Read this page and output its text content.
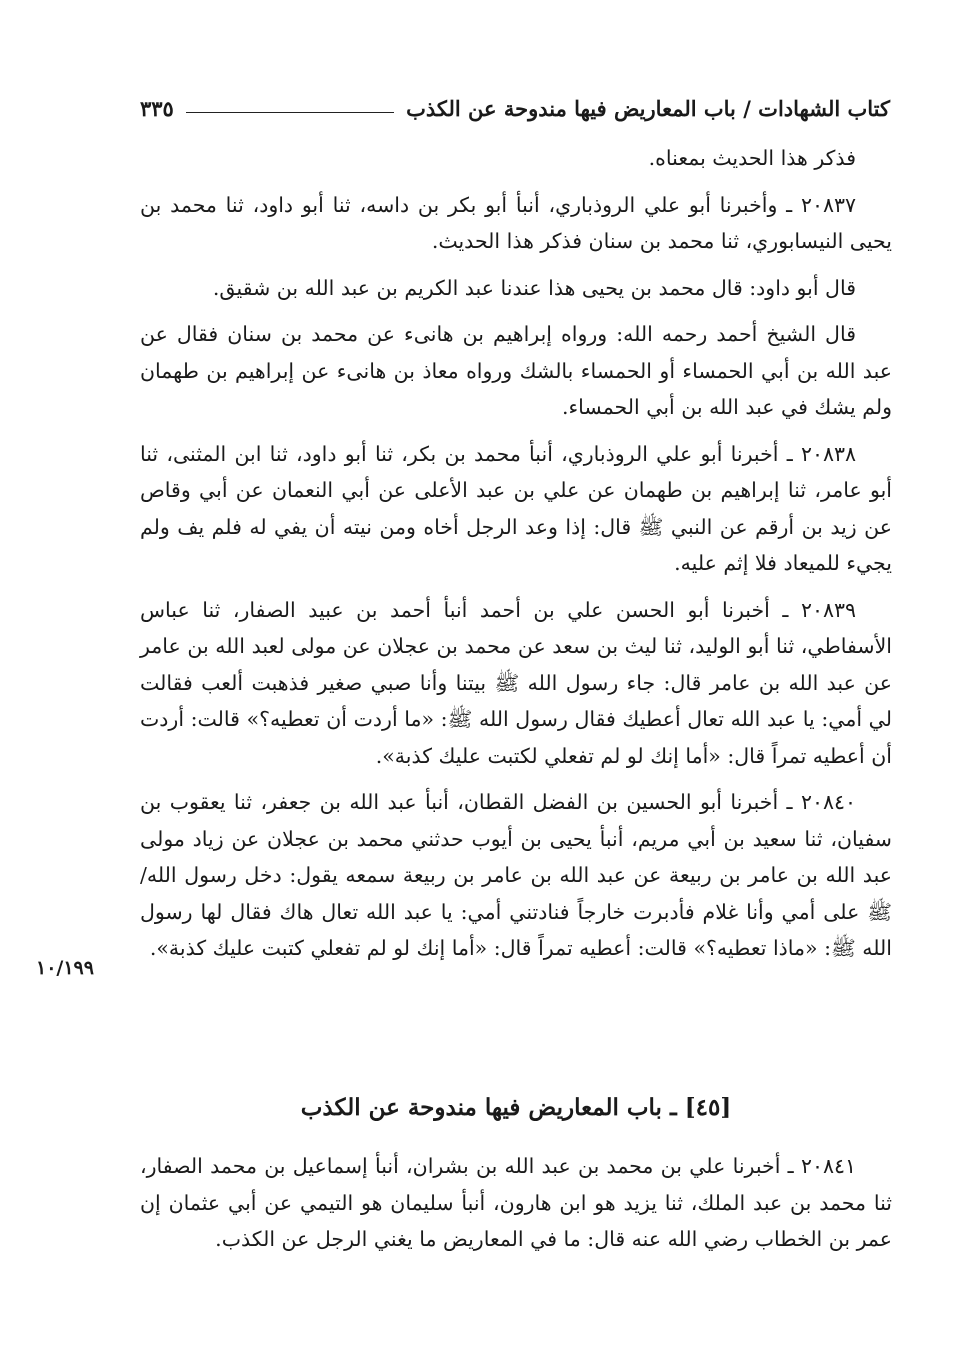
كتاب الشهادات / باب المعاريض فيها مندوحة عن الكذب
٣٣٥

فذكر هذا الحديث بمعناه.

٢٠٨٣٧ ـ وأخبرنا أبو علي الروذباري، أنبأ أبو بكر بن داسه، ثنا أبو داود، ثنا محمد بن يحيى النيسابوري، ثنا محمد بن سنان فذكر هذا الحديث.

قال أبو داود: قال محمد بن يحيى هذا عندنا عبد الكريم بن عبد الله بن شقيق.

قال الشيخ أحمد رحمه الله: ورواه إبراهيم بن هانىء عن محمد بن سنان فقال عن عبد الله بن أبي الحمساء أو الحمساء بالشك ورواه معاذ بن هانىء عن إبراهيم بن طهمان ولم يشك في عبد الله بن أبي الحمساء.

٢٠٨٣٨ ـ أخبرنا أبو علي الروذباري، أنبأ محمد بن بكر، ثنا أبو داود، ثنا ابن المثنى، ثنا أبو عامر، ثنا إبراهيم بن طهمان عن علي بن عبد الأعلى عن أبي النعمان عن أبي وقاص عن زيد بن أرقم عن النبي ﷺ قال: إذا وعد الرجل أخاه ومن نيته أن يفي له فلم يف ولم يجيء للميعاد فلا إثم عليه.

٢٠٨٣٩ ـ أخبرنا أبو الحسن علي بن أحمد أنبأ أحمد بن عبيد الصفار، ثنا عباس الأسفاطي، ثنا أبو الوليد، ثنا ليث بن سعد عن محمد بن عجلان عن مولى لعبد الله بن عامر عن عبد الله بن عامر قال: جاء رسول الله ﷺ بيتنا وأنا صبي صغير فذهبت ألعب فقالت لي أمي: يا عبد الله تعال أعطيك فقال رسول الله ﷺ: «ما أردت أن تعطيه؟» قالت: أردت أن أعطيه تمراً قال: «أما إنك لو لم تفعلي لكتبت عليك كذبة».

٢٠٨٤٠ ـ أخبرنا أبو الحسين بن الفضل القطان، أنبأ عبد الله بن جعفر، ثنا يعقوب بن سفيان، ثنا سعيد بن أبي مريم، أنبأ يحيى بن أيوب حدثني محمد بن عجلان عن زياد مولى عبد الله بن عامر بن ربيعة عن عبد الله بن عامر بن ربيعة سمعه يقول: دخل رسول الله/ ﷺ على أمي وأنا غلام فأدبرت خارجاً فنادتني أمي: يا عبد الله تعال هاك فقال لها رسول الله ﷺ: «ماذا تعطيه؟» قالت: أعطيه تمراً قال: «أما إنك لو لم تفعلي كتبت عليك كذبة».

١٠/١٩٩
[٤٥] ـ باب المعاريض فيها مندوحة عن الكذب

٢٠٨٤١ ـ أخبرنا علي بن محمد بن عبد الله بن بشران، أنبأ إسماعيل بن محمد الصفار، ثنا محمد بن عبد الملك، ثنا يزيد هو ابن هارون، أنبأ سليمان هو التيمي عن أبي عثمان إن عمر بن الخطاب رضي الله عنه قال: ما في المعاريض ما يغني الرجل عن الكذب.
